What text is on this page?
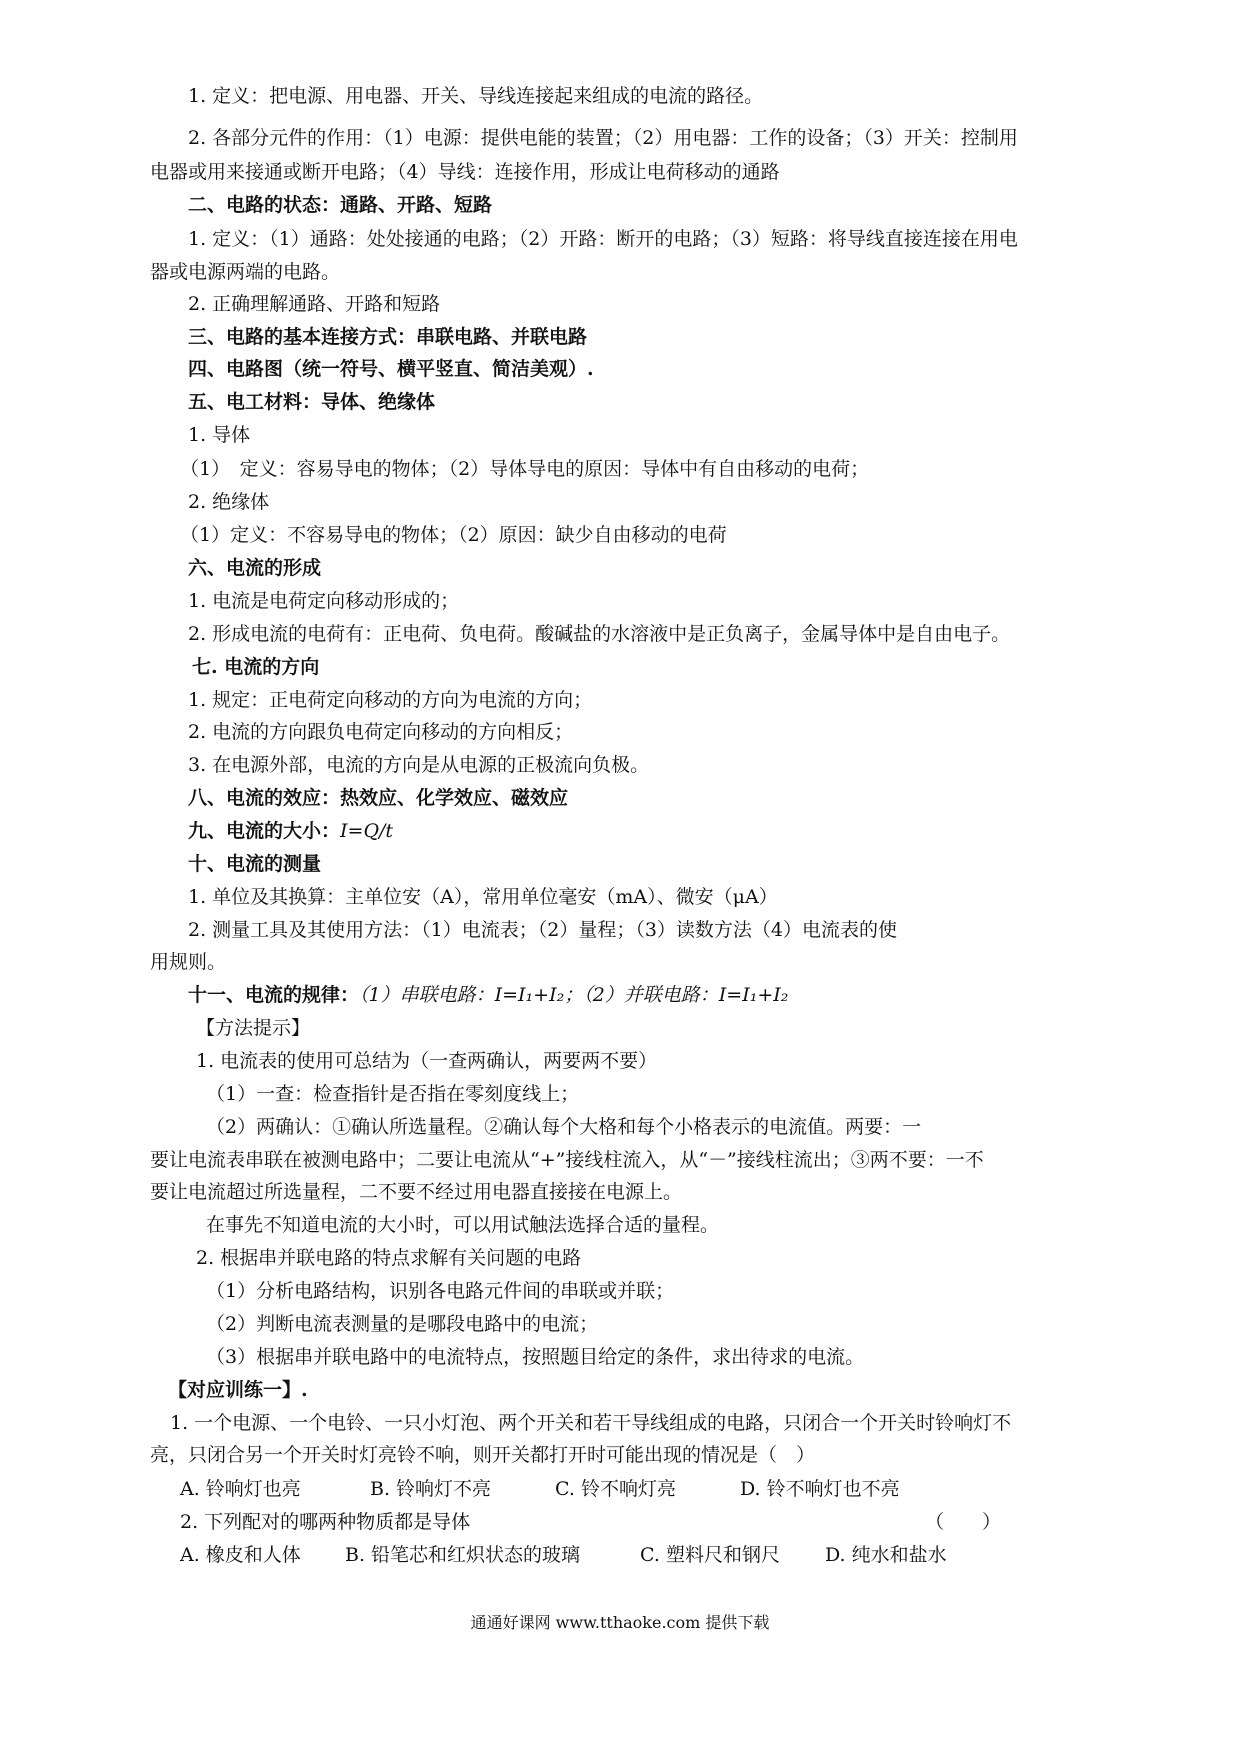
1. 定义：把电源、用电器、开关、导线连接起来组成的电流的路径。
2. 各部分元件的作用：（1）电源：提供电能的装置；（2）用电器：工作的设备；（3）开关：控制用
电器或用来接通或断开电路；（4）导线：连接作用，形成让电荷移动的通路
二、电路的状态：通路、开路、短路
1. 定义：（1）通路：处处接通的电路；（2）开路：断开的电路；（3）短路：将导线直接连接在用电
器或电源两端的电路。
2. 正确理解通路、开路和短路
三、电路的基本连接方式：串联电路、并联电路
四、电路图（统一符号、横平竖直、简洁美观）.
五、电工材料：导体、绝缘体
1. 导体
（1）　定义：容易导电的物体；（2）导体导电的原因：导体中有自由移动的电荷；
2. 绝缘体
（1）定义：不容易导电的物体；（2）原因：缺少自由移动的电荷
六、电流的形成
1. 电流是电荷定向移动形成的；
2. 形成电流的电荷有：正电荷、负电荷。酸碱盐的水溶液中是正负离子，金属导体中是自由电子。
七. 电流的方向
1. 规定：正电荷定向移动的方向为电流的方向；
2. 电流的方向跟负电荷定向移动的方向相反；
3. 在电源外部，电流的方向是从电源的正极流向负极。
八、电流的效应：热效应、化学效应、磁效应
九、电流的大小：I=Q/t
十、电流的测量
1. 单位及其换算：主单位安（A），常用单位毫安（mA）、微安（μA）
2. 测量工具及其使用方法：（1）电流表；（2）量程；（3）读数方法（4）电流表的使
用规则。
十一、电流的规律：（1）串联电路：I=I₁+I₂；（2）并联电路：I=I₁+I₂
【方法提示】
1. 电流表的使用可总结为（一查两确认，两要两不要）
（1）一查：检查指针是否指在零刻度线上；
（2）两确认：①确认所选量程。②确认每个大格和每个小格表示的电流值。两要：一
要让电流表串联在被测电路中；二要让电流从“+”接线柱流入，从“－”接线柱流出；③两不要：一不
要让电流超过所选量程，二不要不经过用电器直接接在电源上。
在事先不知道电流的大小时，可以用试触法选择合适的量程。
2. 根据串并联电路的特点求解有关问题的电路
（1）分析电路结构，识别各电路元件间的串联或并联；
（2）判断电流表测量的是哪段电路中的电流；
（3）根据串并联电路中的电流特点，按照题目给定的条件，求出待求的电流。
【对应训练一】.
1. 一个电源、一个电铃、一只小灯泡、两个开关和若干导线组成的电路，只闭合一个开关时铃响灯不
亮，只闭合另一个开关时灯亮铃不响，则开关都打开时可能出现的情况是（　）
A. 铃响灯也亮	B. 铃响灯不亮	C. 铃不响灯亮	D. 铃不响灯也不亮
2. 下列配对的哪两种物质都是导体	（　　）
A. 橡皮和人体 B. 铅笔芯和红炽状态的玻璃	C. 塑料尺和钢尺 D. 纯水和盐水
通通好课网 www.tthaoke.com 提供下载
